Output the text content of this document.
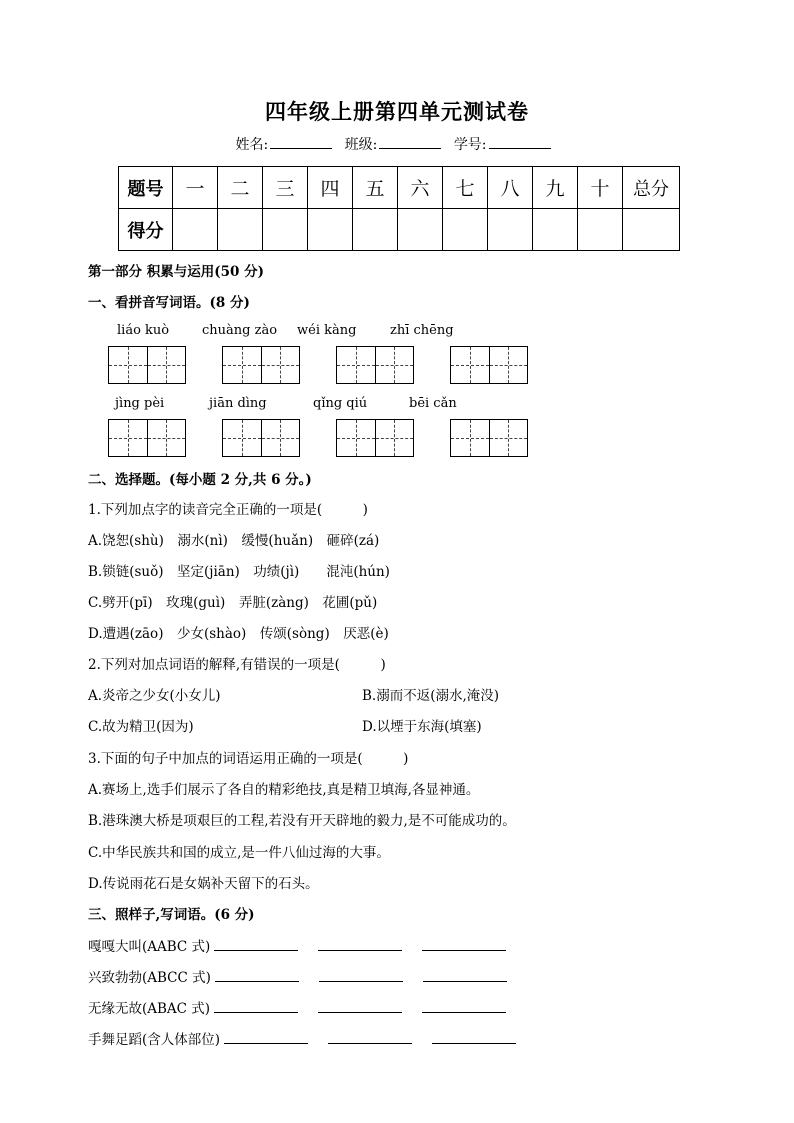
四年级上册第四单元测试卷
姓名:	班级:	学号:
题号	一	二	三	四	五	六	七	八	九	十	总分
得分											
第一部分 积累与运用(50 分)
一、看拼音写词语。(8 分)
liáo kuò	chuàng zào wéi kàng	zhī chēng
jìng pèi	jiān dìng	qǐng qiú	bēi cǎn
二、选择题。(每小题 2 分,共 6 分。)
1.下列加点字的读音完全正确的一项是(　　　)
A.饶恕(shù)　溺水(nì)　缓慢(huǎn)　砸碎(zá)
B.锁链(suǒ)　坚定(jiān)　功绩(jì)　　混沌(hún)
C.劈开(pī)　玫瑰(guì)　弄脏(zàng)　花圃(pǔ)
D.遭遇(zāo)　少女(shào)　传颂(sòng)　厌恶(è)
2.下列对加点词语的解释,有错误的一项是(　　　)
A.炎帝之少女(小女儿)	B.溺而不返(溺水,淹没)
C.故为精卫(因为)	D.以堙于东海(填塞)
3.下面的句子中加点的词语运用正确的一项是(　　　)
A.赛场上,选手们展示了各自的精彩绝技,真是精卫填海,各显神通。
B.港珠澳大桥是项艰巨的工程,若没有开天辟地的毅力,是不可能成功的。
C.中华民族共和国的成立,是一件八仙过海的大事。
D.传说雨花石是女娲补天留下的石头。
三、照样子,写词语。(6 分)
嘎嘎大叫(AABC 式)
兴致勃勃(ABCC 式)
无缘无故(ABAC 式)
手舞足蹈(含人体部位)
